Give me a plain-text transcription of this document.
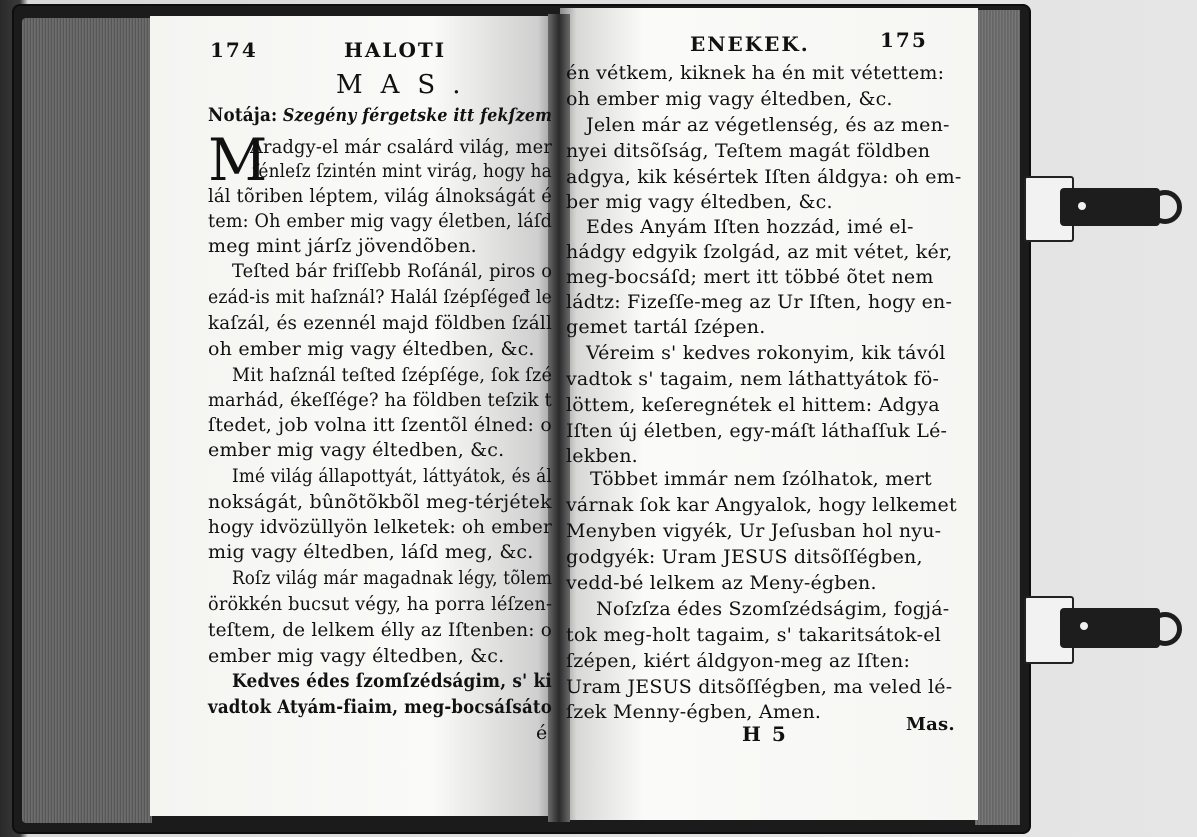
174	HALOTI
MAS.
Notája: Szegény férgetske itt fekſzem
M
Aradgy-el már csalárd világ, mer
fénleſz ſzintén mint virág, hogy ha
lál tõriben léptem, világ álnokságát é
tem: Oh ember mig vagy életben, láſd
meg mint járſz jövendõben.
Teſted bár friſſebb Roſánál, piros o
ezád-is mit haſznál? Halál ſzépſégeđ le
kaſzál, és ezennél majd földben ſzáll
oh ember mig vagy éltedben, &c.
Mit haſznál teſted ſzépſége, ſok ſzé
marhád, ékeſſége? ha földben teſzik t
ſtedet, job volna itt ſzentõl élned: o
ember mig vagy éltedben, &c.
Imé világ állapottyát, láttyátok, és ál
nokságát, bûnõtõkbõl meg-térjétek
hogy idvözüllyön lelketek: oh ember
mig vagy éltedben, láſd meg, &c.
Roſz világ már magadnak légy, tõlem
örökkén bucsut végy, ha porra léſzen-
teſtem, de lelkem élly az Iſtenben: o
ember mig vagy éltedben, &c.
Kedves édes ſzomſzédságim, s' ki
vadtok Atyám-fiaim, meg-bocsáſsáto
é
ENEKEK.	175
én vétkem, kiknek ha én mit vétettem:
oh ember mig vagy éltedben, &c.
Jelen már az végetlenség, és az men-
nyei ditsõſság, Teſtem magát földben
adgya, kik késértek Iſten áldgya: oh em-
ber mig vagy éltedben, &c.
Edes Anyám Iſten hozzád, imé el-
hádgy edgyik ſzolgád, az mit vétet, kér,
meg-bocsáſd; mert itt többé õtet nem
ládtz: Fizeſſe-meg az Ur Iſten, hogy en-
gemet tartál ſzépen.
Véreim s' kedves rokonyim, kik távól
vadtok s' tagaim, nem láthattyátok fö-
löttem, keſeregnétek el hittem: Adgya
Iſten új életben, egy-máſt láthaſſuk Lé-
lekben.
Többet immár nem ſzólhatok, mert
várnak ſok kar Angyalok, hogy lelkemet
Menyben vigyék, Ur Jeſusban hol nyu-
godgyék: Uram JESUS ditsõſſégben,
vedd-bé lelkem az Meny-égben.
Noſzſza édes Szomſzédságim, fogjá-
tok meg-holt tagaim, s' takaritsátok-el
ſzépen, kiért áldgyon-meg az Iſten:
Uram JESUS ditsõſſégben, ma veled lé-
ſzek Menny-égben, Amen.
H 5	Mas.
